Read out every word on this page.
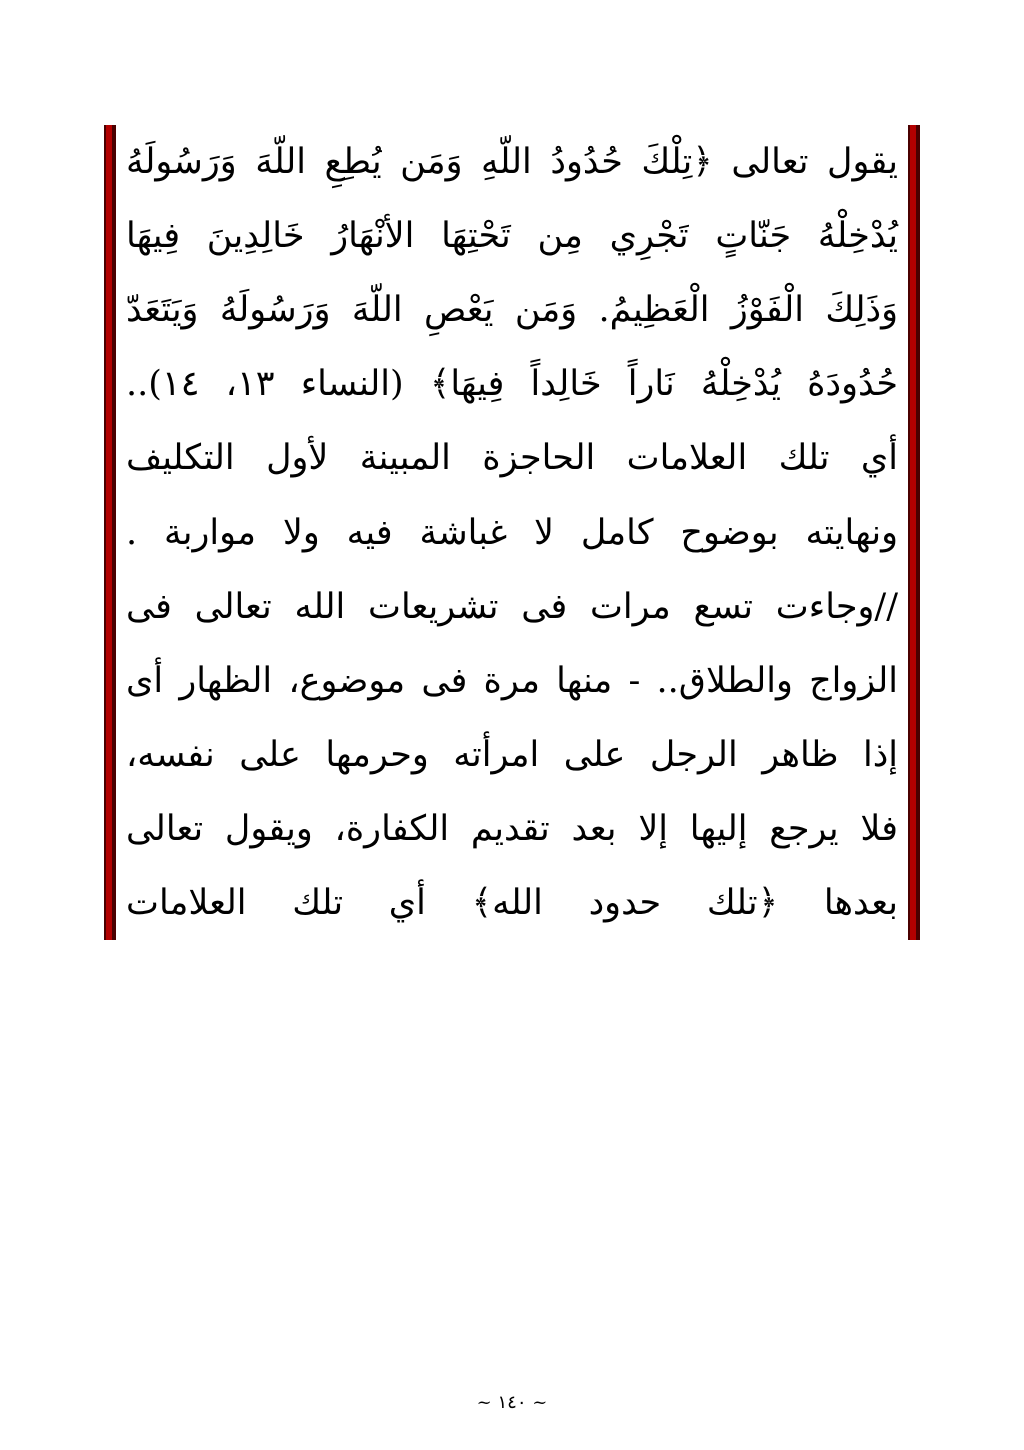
يقول تعالى ﴿تِلْكَ حُدُودُ اللّهِ وَمَن يُطِعِ اللّهَ وَرَسُولَهُ
يُدْخِلْهُ جَنّاتٍ تَجْرِي مِن تَحْتِهَا الأنْهَارُ خَالِدِينَ فِيهَا
وَذَلِكَ الْفَوْزُ الْعَظِيمُ. وَمَن يَعْصِ اللّهَ وَرَسُولَهُ وَيَتَعَدّ
حُدُودَهُ يُدْخِلْهُ نَاراً خَالِداً فِيهَا﴾ (النساء ١٣، ١٤)..
أي تلك العلامات الحاجزة المبينة لأول التكليف
ونهايته بوضوح كامل لا غباشة فيه ولا مواربة .
//وجاءت تسع مرات فى تشريعات الله تعالى فى
الزواج والطلاق.. - منها مرة فى موضوع، الظهار أى
إذا ظاهر الرجل على امرأته وحرمها على نفسه،
فلا يرجع إليها إلا بعد تقديم الكفارة، ويقول تعالى
بعدها ﴿تلك حدود الله﴾ أي تلك العلامات
~ ١٤٠ ~
